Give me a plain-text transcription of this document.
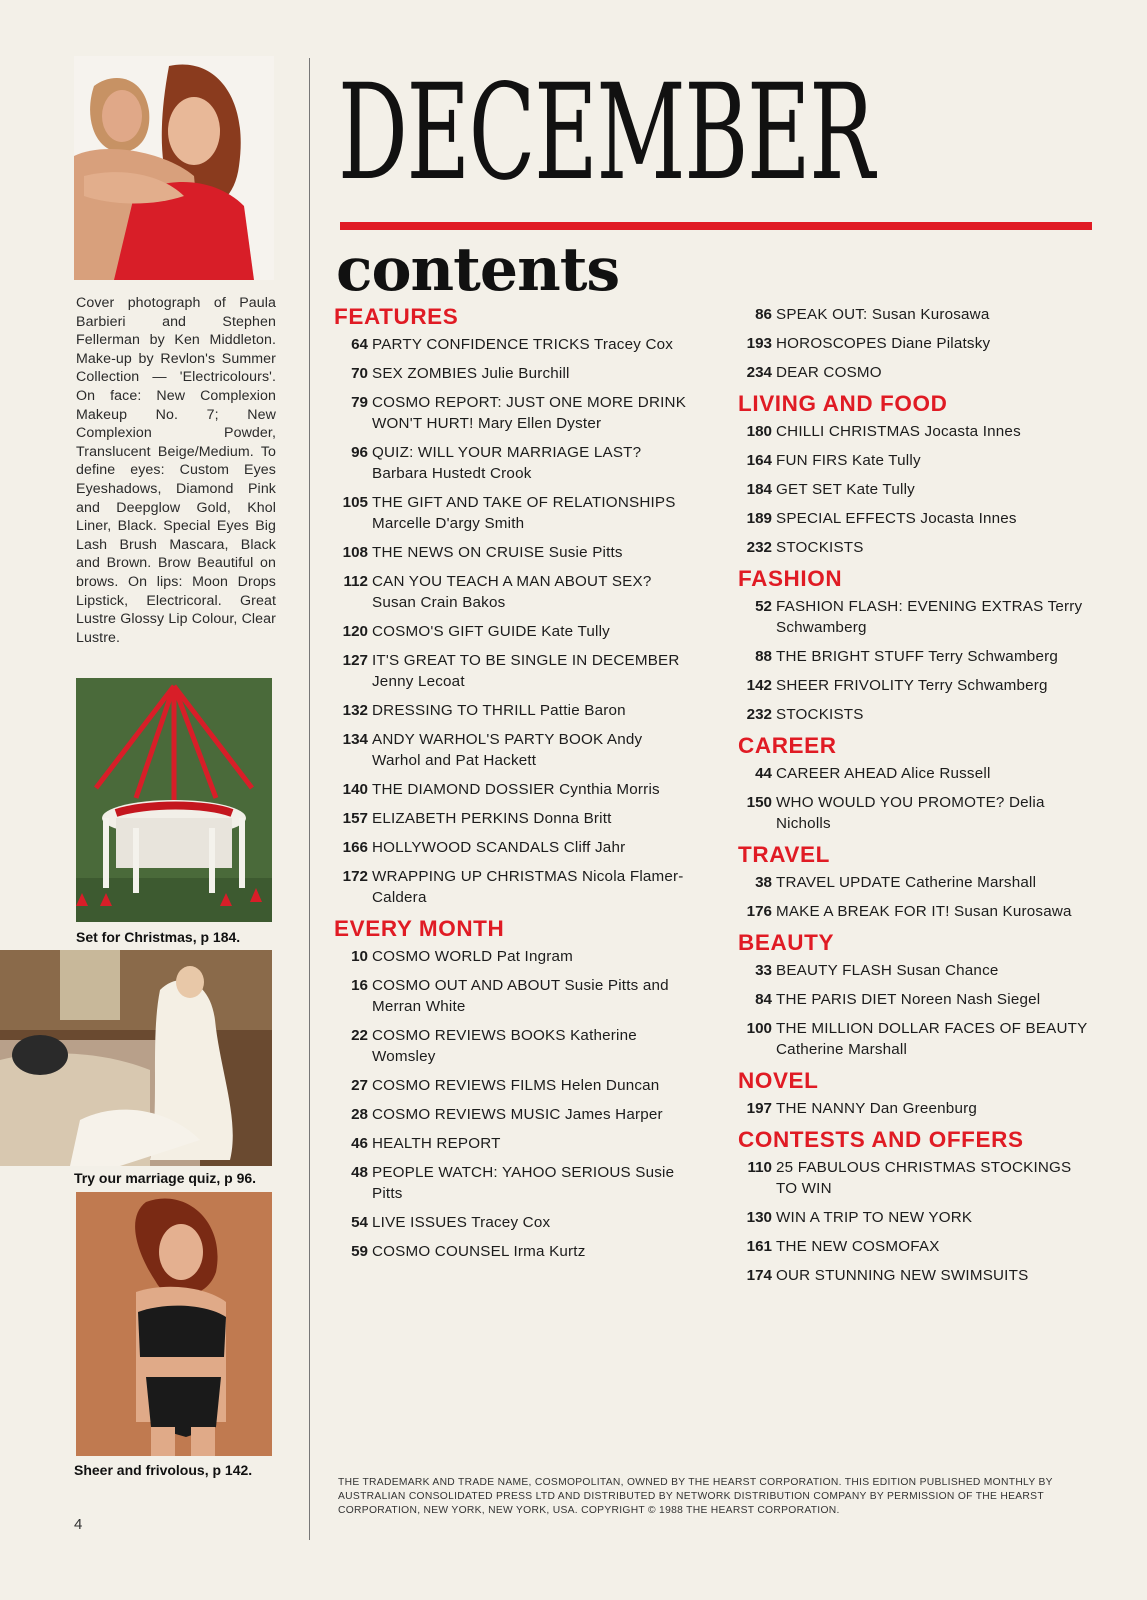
Cover photograph of Paula Barbieri and Stephen Fellerman by Ken Middleton. Make-up by Revlon's Summer Collection — 'Electricolours'. On face: New Complexion Makeup No. 7; New Complexion Powder, Translucent Beige/Medium. To define eyes: Custom Eyes Eyeshadows, Diamond Pink and Deepglow Gold, Khol Liner, Black. Special Eyes Big Lash Brush Mascara, Black and Brown. Brow Beautiful on brows. On lips: Moon Drops Lipstick, Electricoral. Great Lustre Glossy Lip Colour, Clear Lustre.
Set for Christmas, p 184.
Try our marriage quiz, p 96.
Sheer and frivolous, p 142.
4
DECEMBER
contents
FEATURES
64 PARTY CONFIDENCE TRICKS Tracey Cox
70 SEX ZOMBIES Julie Burchill
79 COSMO REPORT: JUST ONE MORE DRINK WON'T HURT! Mary Ellen Dyster
96 QUIZ: WILL YOUR MARRIAGE LAST? Barbara Hustedt Crook
105 THE GIFT AND TAKE OF RELATIONSHIPS Marcelle D'argy Smith
108 THE NEWS ON CRUISE Susie Pitts
112 CAN YOU TEACH A MAN ABOUT SEX? Susan Crain Bakos
120 COSMO'S GIFT GUIDE Kate Tully
127 IT'S GREAT TO BE SINGLE IN DECEMBER Jenny Lecoat
132 DRESSING TO THRILL Pattie Baron
134 ANDY WARHOL'S PARTY BOOK Andy Warhol and Pat Hackett
140 THE DIAMOND DOSSIER Cynthia Morris
157 ELIZABETH PERKINS Donna Britt
166 HOLLYWOOD SCANDALS Cliff Jahr
172 WRAPPING UP CHRISTMAS Nicola Flamer-Caldera
EVERY MONTH
10 COSMO WORLD Pat Ingram
16 COSMO OUT AND ABOUT Susie Pitts and Merran White
22 COSMO REVIEWS BOOKS Katherine Womsley
27 COSMO REVIEWS FILMS Helen Duncan
28 COSMO REVIEWS MUSIC James Harper
46 HEALTH REPORT
48 PEOPLE WATCH: YAHOO SERIOUS Susie Pitts
54 LIVE ISSUES Tracey Cox
59 COSMO COUNSEL Irma Kurtz
86 SPEAK OUT: Susan Kurosawa
193 HOROSCOPES Diane Pilatsky
234 DEAR COSMO
LIVING AND FOOD
180 CHILLI CHRISTMAS Jocasta Innes
164 FUN FIRS Kate Tully
184 GET SET Kate Tully
189 SPECIAL EFFECTS Jocasta Innes
232 STOCKISTS
FASHION
52 FASHION FLASH: EVENING EXTRAS Terry Schwamberg
88 THE BRIGHT STUFF Terry Schwamberg
142 SHEER FRIVOLITY Terry Schwamberg
232 STOCKISTS
CAREER
44 CAREER AHEAD Alice Russell
150 WHO WOULD YOU PROMOTE? Delia Nicholls
TRAVEL
38 TRAVEL UPDATE Catherine Marshall
176 MAKE A BREAK FOR IT! Susan Kurosawa
BEAUTY
33 BEAUTY FLASH Susan Chance
84 THE PARIS DIET Noreen Nash Siegel
100 THE MILLION DOLLAR FACES OF BEAUTY Catherine Marshall
NOVEL
197 THE NANNY Dan Greenburg
CONTESTS AND OFFERS
110 25 FABULOUS CHRISTMAS STOCKINGS TO WIN
130 WIN A TRIP TO NEW YORK
161 THE NEW COSMOFAX
174 OUR STUNNING NEW SWIMSUITS
THE TRADEMARK AND TRADE NAME, COSMOPOLITAN, OWNED BY THE HEARST CORPORATION. THIS EDITION PUBLISHED MONTHLY BY AUSTRALIAN CONSOLIDATED PRESS LTD AND DISTRIBUTED BY NETWORK DISTRIBUTION COMPANY BY PERMISSION OF THE HEARST CORPORATION, NEW YORK, NEW YORK, USA. COPYRIGHT © 1988 THE HEARST CORPORATION.
